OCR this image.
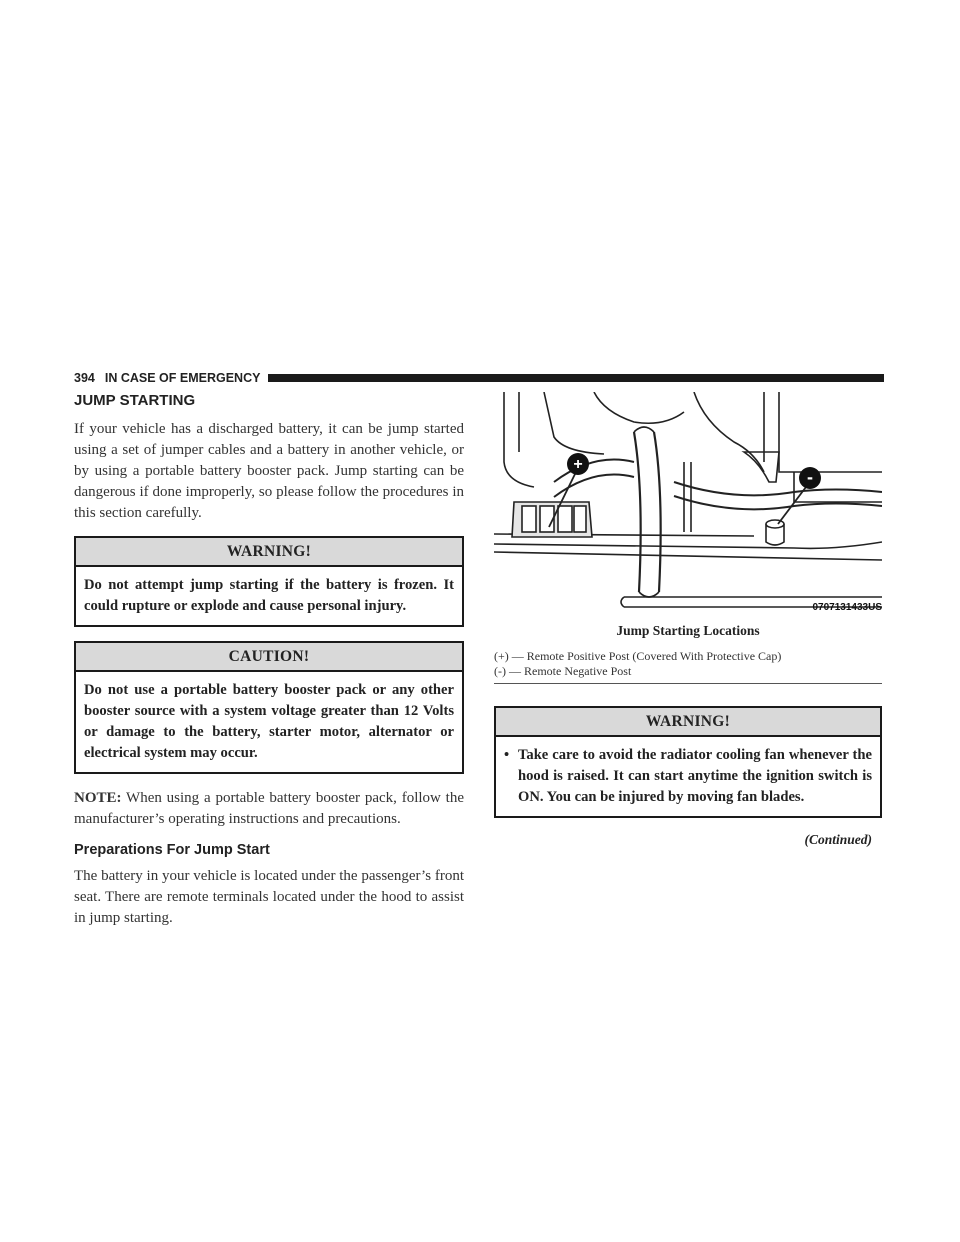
394 IN CASE OF EMERGENCY
JUMP STARTING

If your vehicle has a discharged battery, it can be jump started using a set of jumper cables and a battery in another vehicle, or by using a portable battery booster pack. Jump starting can be dangerous if done improperly, so please follow the procedures in this section carefully.

WARNING!
Do not attempt jump starting if the battery is frozen. It could rupture or explode and cause personal injury.
CAUTION!
Do not use a portable battery booster pack or any other booster source with a system voltage greater than 12 Volts or damage to the battery, starter motor, alternator or electrical system may occur.

NOTE: When using a portable battery booster pack, follow the manufacturer’s operating instructions and precautions.

Preparations For Jump Start

The battery in your vehicle is located under the passenger’s front seat. There are remote terminals located under the hood to assist in jump starting.

+
-
0707131433US
Jump Starting Locations
(+) — Remote Positive Post (Covered With Protective Cap)
(-) — Remote Negative Post
WARNING!
• Take care to avoid the radiator cooling fan whenever the hood is raised. It can start anytime the ignition switch is ON. You can be injured by moving fan blades.
(Continued)
